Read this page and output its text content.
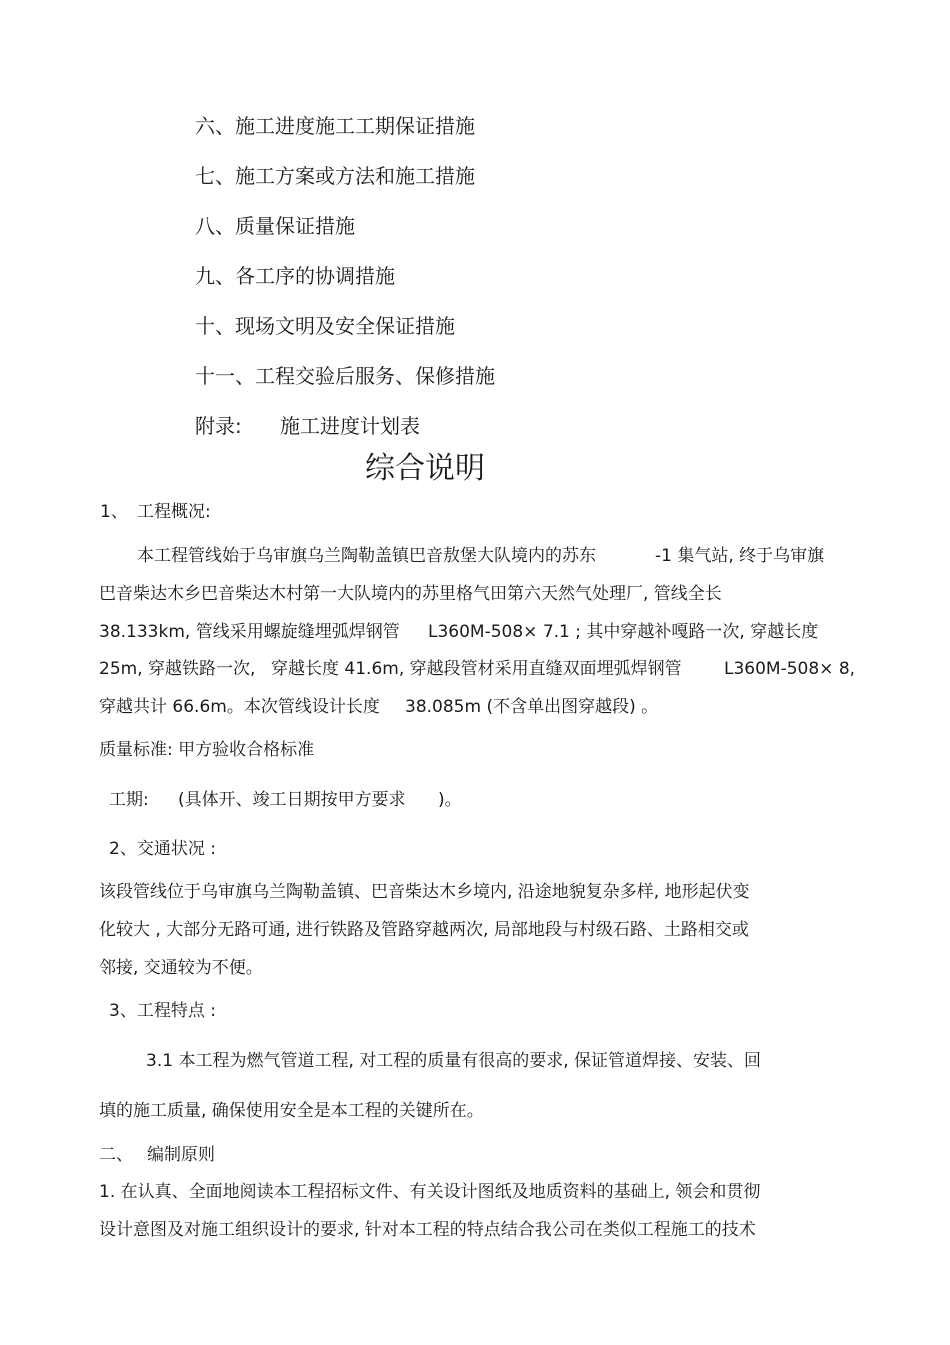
六、施工进度施工工期保证措施
七、施工方案或方法和施工措施
八、质量保证措施
九、各工序的协调措施
十、现场文明及安全保证措施
十一、工程交验后服务、保修措施
附录: 施工进度计划表
综合说明
1、 工程概况:
本工程管线始于乌审旗乌兰陶勒盖镇巴音敖堡大队境内的苏东	-1 集气站, 终于乌审旗
巴音柴达木乡巴音柴达木村第一大队境内的苏里格气田第六天然气处理厂, 管线全长
38.133km, 管线采用螺旋缝埋弧焊钢管 L360M-508× 7.1 ; 其中穿越补嘎路一次, 穿越长度
25m, 穿越铁路一次, 穿越长度 41.6m, 穿越段管材采用直缝双面埋弧焊钢管 L360M-508× 8,
穿越共计 66.6m。本次管线设计长度 38.085m (不含单出图穿越段) 。
质量标准: 甲方验收合格标准
工期: (具体开、竣工日期按甲方要求 )。
2、交通状况 :
该段管线位于乌审旗乌兰陶勒盖镇、巴音柴达木乡境内, 沿途地貌复杂多样, 地形起伏变
化较大 , 大部分无路可通, 进行铁路及管路穿越两次, 局部地段与村级石路、土路相交或
邻接, 交通较为不便。
3、工程特点 :
3.1 本工程为燃气管道工程, 对工程的质量有很高的要求, 保证管道焊接、安装、回
填的施工质量, 确保使用安全是本工程的关键所在。
二、 编制原则
1. 在认真、全面地阅读本工程招标文件、有关设计图纸及地质资料的基础上, 领会和贯彻
设计意图及对施工组织设计的要求, 针对本工程的特点结合我公司在类似工程施工的技术
